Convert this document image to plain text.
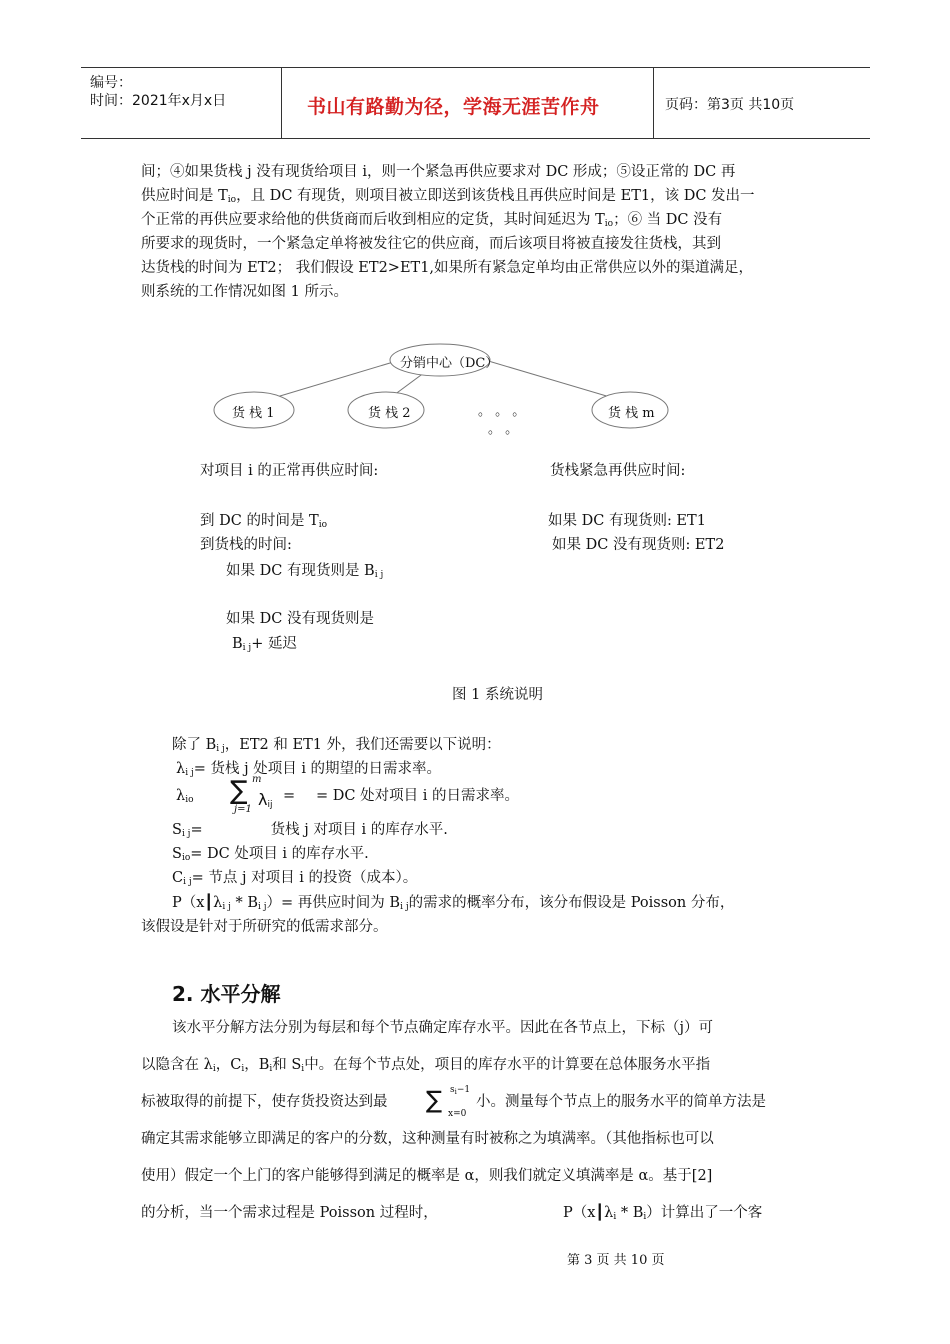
编号：
时间：2021年x月x日	书山有路勤为径，学海无涯苦作舟	页码：第3页 共10页
间；④如果货栈 j 没有现货给项目 i，则一个紧急再供应要求对 DC 形成；⑤设正常的 DC 再
供应时间是 $T_{io}$，且 DC 有现货，则项目被立即送到该货栈且再供应时间是 ET1，该 DC 发出一
个正常的再供应要求给他的供货商而后收到相应的定货，其时间延迟为 $T_{io}$；⑥ 当 DC 没有
所要求的现货时，一个紧急定单将被发往它的供应商，而后该项目将被直接发往货栈，其到
达货栈的时间为 ET2； 我们假设 ET2>ET1,如果所有紧急定单均由正常供应以外的渠道满足，
则系统的工作情况如图 1 所示。
分销中心（DC）
货 栈 1	货 栈 2	货 栈 m
。 。 。
。 。
对项目 i 的正常再供应时间:	货栈紧急再供应时间:
到 DC 的时间是 $T_{io}$	如果 DC 有现货则: ET1
到货栈的时间:	如果 DC 没有现货则: ET2
如果 DC 有现货则是 $B_{i j}$
如果 DC 没有现货则是
$B_{i j}+$ 延迟
图 1 系统说明
除了 $B_{i j}$，ET2 和 ET1 外，我们还需要以下说明：
$\lambda_{i j}=$ 货栈 j 处项目 i 的期望的日需求率。
$\lambda_{io}$ ∑ m
j=1
$\lambda_{ij}$
= = DC 处对项目 i 的日需求率。
$S_{i j}=$	货栈 j 对项目 i 的库存水平.
$S_{io}=$ DC 处项目 i 的库存水平.
$C_{i j}=$ 节点 j 对项目 i 的投资（成本）。
$P(x┃\lambda_{i j} * B_{i j})=$ 再供应时间为 $B_{i j}$的需求的概率分布，该分布假设是 Poisson 分布，
该假设是针对于所研究的低需求部分。
2. 水平分解
该水平分解方法分别为每层和每个节点确定库存水平。因此在各节点上，下标（j）可
以隐含在 $\lambda_i$，$C_i$，$B_i$和 $S_i$中。在每个节点处，项目的库存水平的计算要在总体服务水平指
标被取得的前提下，使存货投资达到最 ∑ $s_i-1$
x=0
小。测量每个节点上的服务水平的简单方法是
确定其需求能够立即满足的客户的分数，这种测量有时被称之为填满率。（其他指标也可以
使用）假定一个上门的客户能够得到满足的概率是 α，则我们就定义填满率是 α。基于[2]
的分析，当一个需求过程是 Poisson 过程时，	$P(x┃\lambda_i * B_i)$计算出了一个客
第 3 页 共 10 页
